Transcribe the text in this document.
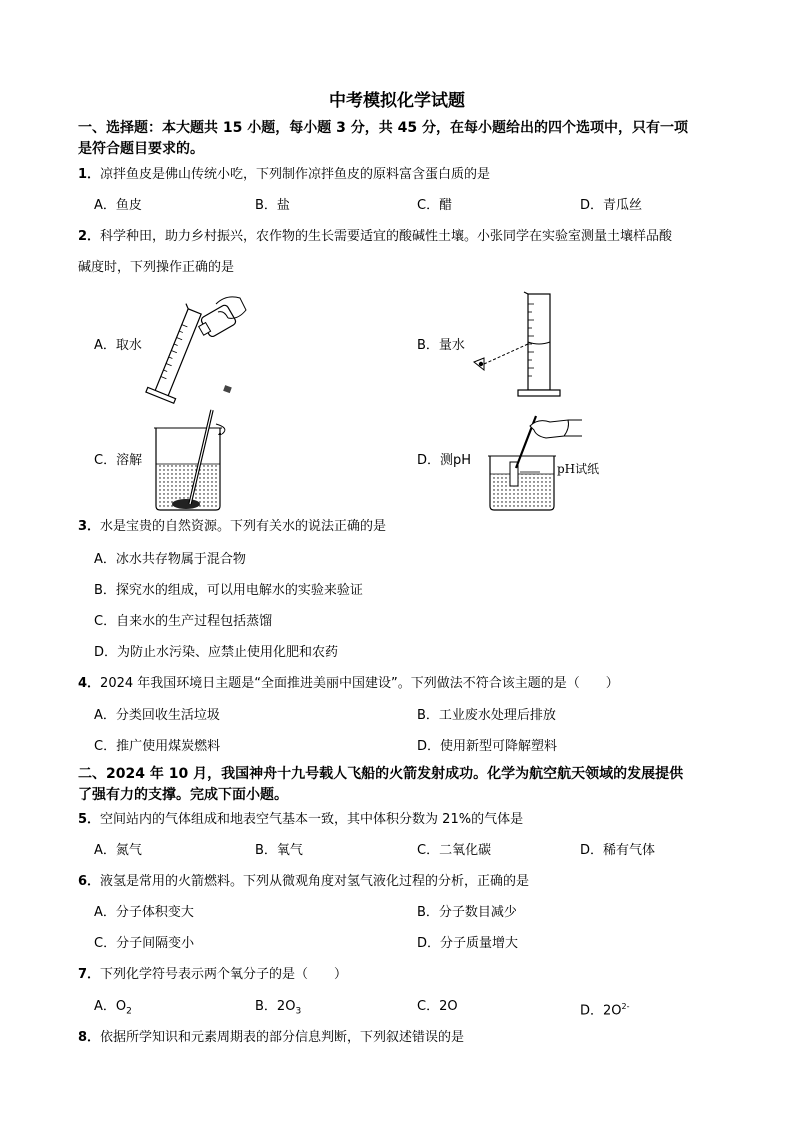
中考模拟化学试题
一、选择题：本大题共 15 小题，每小题 3 分，共 45 分，在每小题给出的四个选项中，只有一项
是符合题目要求的。
1．凉拌鱼皮是佛山传统小吃，下列制作凉拌鱼皮的原料富含蛋白质的是
A．鱼皮	B．盐	C．醋	D．青瓜丝
2．科学种田，助力乡村振兴，农作物的生长需要适宜的酸碱性土壤。小张同学在实验室测量土壤样品酸
碱度时，下列操作正确的是
A．取水	B．量水
C．溶解	D．测pH
pH试纸
3．水是宝贵的自然资源。下列有关水的说法正确的是
A．冰水共存物属于混合物
B．探究水的组成，可以用电解水的实验来验证
C．自来水的生产过程包括蒸馏
D．为防止水污染、应禁止使用化肥和农药
4．2024 年我国环境日主题是“全面推进美丽中国建设”。下列做法不符合该主题的是（　　）
A．分类回收生活垃圾	B．工业废水处理后排放
C．推广使用煤炭燃料	D．使用新型可降解塑料
二、2024 年 10 月，我国神舟十九号载人飞船的火箭发射成功。化学为航空航天领域的发展提供
了强有力的支撑。完成下面小题。
5．空间站内的气体组成和地表空气基本一致，其中体积分数为 21%的气体是
A．氮气	B．氧气	C．二氧化碳	D．稀有气体
6．液氢是常用的火箭燃料。下列从微观角度对氢气液化过程的分析，正确的是
A．分子体积变大	B．分子数目减少
C．分子间隔变小	D．分子质量增大
7．下列化学符号表示两个氧分子的是（　　）
A．$O_2$	B．$2O_3$	C．2O	D．$2O^{2-}$
8．依据所学知识和元素周期表的部分信息判断，下列叙述错误的是
